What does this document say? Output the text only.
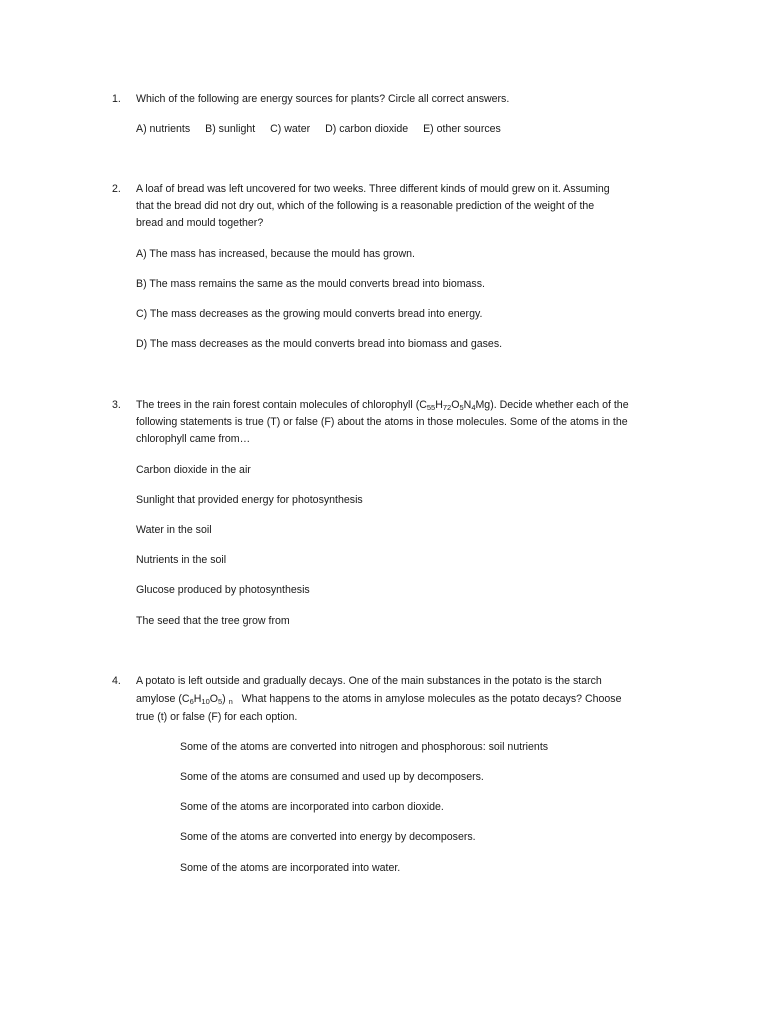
1. Which of the following are energy sources for plants? Circle all correct answers.
A) nutrients B) sunlight C) water D) carbon dioxide E) other sources
2. A loaf of bread was left uncovered for two weeks. Three different kinds of mould grew on it. Assuming
that the bread did not dry out, which of the following is a reasonable prediction of the weight of the
bread and mould together?
A) The mass has increased, because the mould has grown.
B) The mass remains the same as the mould converts bread into biomass.
C) The mass decreases as the growing mould converts bread into energy.
D) The mass decreases as the mould converts bread into biomass and gases.
3. The trees in the rain forest contain molecules of chlorophyll $(C_{55}H_{72}O_5N_4Mg)$. Decide whether each of the
following statements is true (T) or false (F) about the atoms in those molecules. Some of the atoms in the
chlorophyll came from…
Carbon dioxide in the air
Sunlight that provided energy for photosynthesis
Water in the soil
Nutrients in the soil
Glucose produced by photosynthesis
The seed that the tree grow from
4. A potato is left outside and gradually decays. One of the main substances in the potato is the starch
amylose $(C_6H_{10}O_5)$ $_n$ What happens to the atoms in amylose molecules as the potato decays? Choose
true (t) or false (F) for each option.
Some of the atoms are converted into nitrogen and phosphorous: soil nutrients
Some of the atoms are consumed and used up by decomposers.
Some of the atoms are incorporated into carbon dioxide.
Some of the atoms are converted into energy by decomposers.
Some of the atoms are incorporated into water.
